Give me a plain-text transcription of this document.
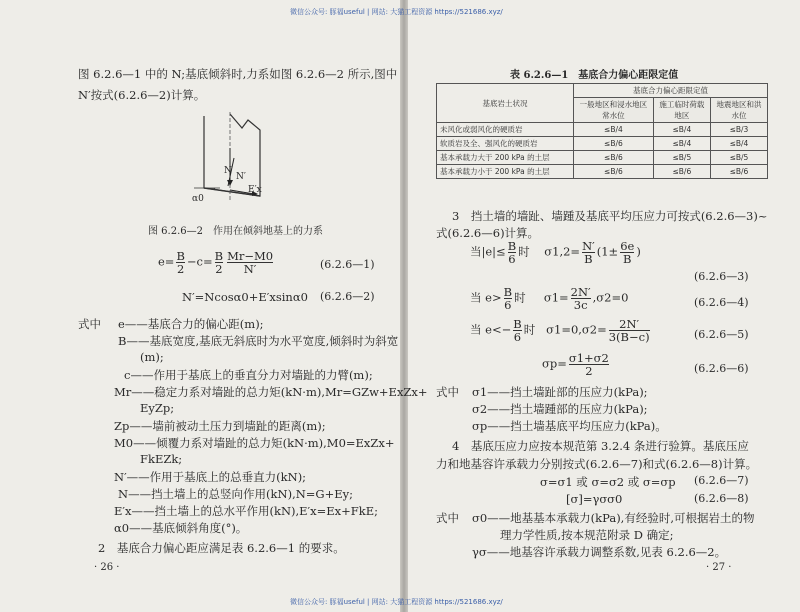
微信公众号: 豚福useful | 网站: 大猫工程资源 https://521686.xyz/
微信公众号: 豚福useful | 网站: 大猫工程资源 https://521686.xyz/
图 6.2.6—1 中的 N;基底倾斜时,力系如图 6.2.6—2 所示,图中
N′按式(6.2.6—2)计算。
N
N′
E′x
α0
图 6.2.6—2　作用在倾斜地基上的力系
$e= \frac{B}{2} -c= \frac{B}{2} \frac{Mr-M0}{N'}$	(6.2.6—1)
N′=Ncosα0+E′xsinα0 (6.2.6—2)
式中 e——基底合力的偏心距(m);
B——基底宽度,基底无斜底时为水平宽度,倾斜时为斜宽
(m);
c——作用于基底上的垂直分力对墙趾的力臂(m);
Mr——稳定力系对墙趾的总力矩(kN·m),Mr=GZw+ExZx+
EyZp;
Zp——墙前被动土压力到墙趾的距离(m);
M0——倾覆力系对墙趾的总力矩(kN·m),M0=ExZx+
FkEZk;
N′——作用于基底上的总垂直力(kN);
N——挡土墙上的总竖向作用(kN),N=G+Ey;
E′x——挡土墙上的总水平作用(kN),E′x=Ex+FkE;
α0——基底倾斜角度(°)。
2　基底合力偏心距应满足表 6.2.6—1 的要求。
· 26 ·
表 6.2.6—1　基底合力偏心距限定值
基底岩土状况	基底合力偏心距限定值		
	一般地区和浸水地区常水位	施工临时荷载地区	地震地区和洪水位
未风化或弱风化的硬质岩	≤B/4	≤B/4	≤B/3
软质岩及全、强风化的硬质岩	≤B/6	≤B/4	≤B/4
基本承载力大于 200 kPa 的土层	≤B/6	≤B/5	≤B/5
基本承载力小于 200 kPa 的土层	≤B/6	≤B/6	≤B/6
3　挡土墙的墙趾、墙踵及基底平均压应力可按式(6.2.6—3)~
式(6.2.6—6)计算。
当$|e|\le \frac{B}{6}$ 时 $\sigma 1,2= \frac{N'}{B} (1\pm \frac{6e}{B}$ )
(6.2.6—3)
当 $e> \frac{B}{6}$ 时 $\sigma 1= \frac{2N'}{3c} ,\sigma 2=0$	(6.2.6—4)
当 $e<- \frac{B}{6}$ 时 $\sigma 1=0,\sigma 2= \frac{2N'}{3(B-c)}$	(6.2.6—5)
$\sigma p= \frac{\sigma 1+\sigma 2}{2}$	(6.2.6—6)
式中 σ1——挡土墙趾部的压应力(kPa);
σ2——挡土墙踵部的压应力(kPa);
σp——挡土墙基底平均压应力(kPa)。
4　基底压应力应按本规范第 3.2.4 条进行验算。基底压应
力和地基容许承载力分别按式(6.2.6—7)和式(6.2.6—8)计算。
σ=σ1 或 σ=σ2 或 σ=σp (6.2.6—7)
[σ]=γσσ0	(6.2.6—8)
式中 σ0——地基基本承载力(kPa),有经验时,可根据岩土的物
理力学性质,按本规范附录 D 确定;
γσ——地基容许承载力调整系数,见表 6.2.6—2。
· 27 ·
